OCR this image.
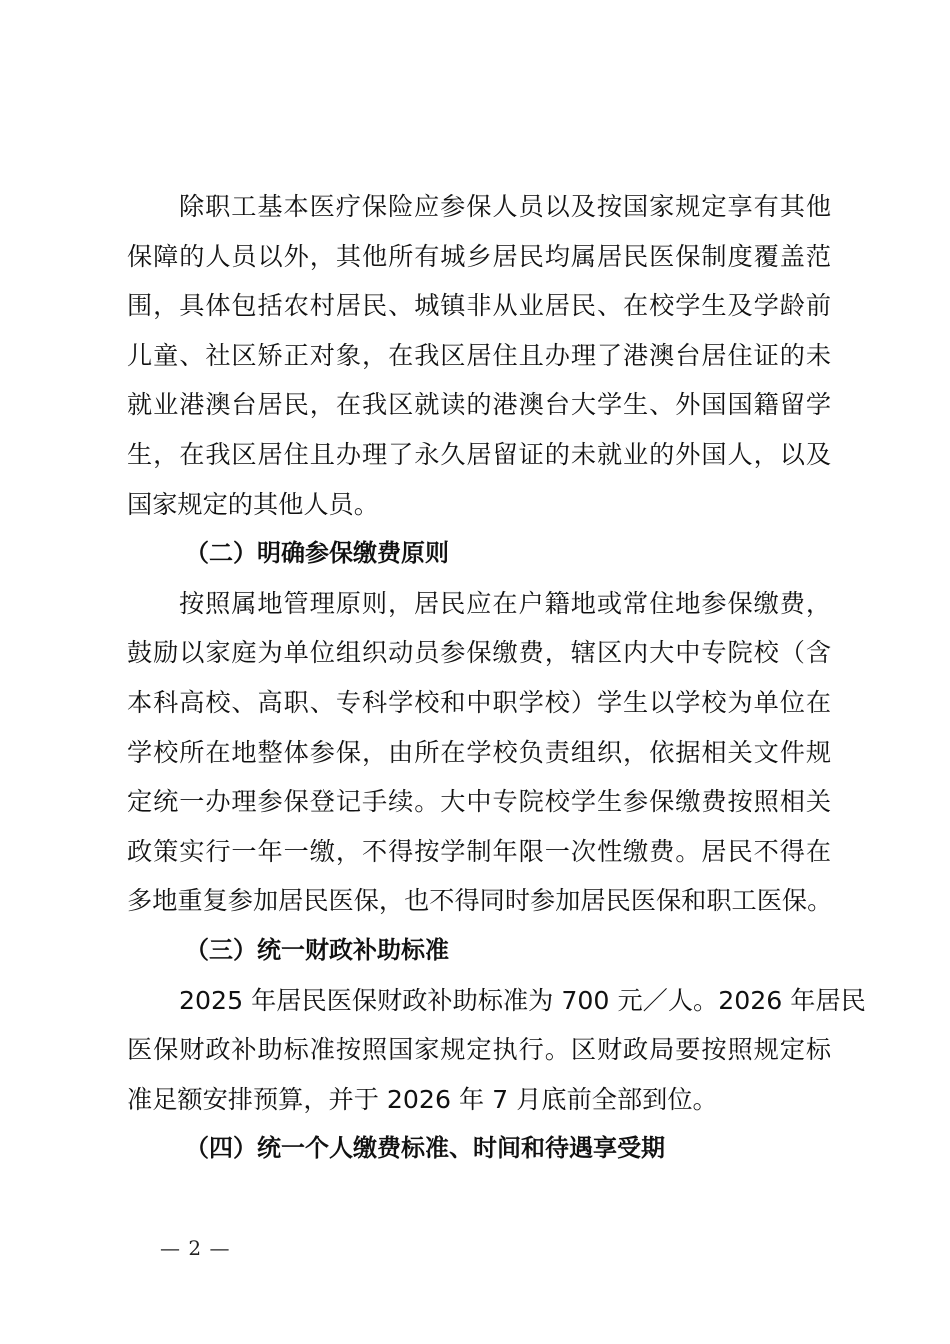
除职工基本医疗保险应参保人员以及按国家规定享有其他
保障的人员以外，其他所有城乡居民均属居民医保制度覆盖范
围，具体包括农村居民、城镇非从业居民、在校学生及学龄前
儿童、社区矫正对象，在我区居住且办理了港澳台居住证的未
就业港澳台居民，在我区就读的港澳台大学生、外国国籍留学
生，在我区居住且办理了永久居留证的未就业的外国人，以及
国家规定的其他人员。
（二）明确参保缴费原则
按照属地管理原则，居民应在户籍地或常住地参保缴费，
鼓励以家庭为单位组织动员参保缴费，辖区内大中专院校（含
本科高校、高职、专科学校和中职学校）学生以学校为单位在
学校所在地整体参保，由所在学校负责组织，依据相关文件规
定统一办理参保登记手续。大中专院校学生参保缴费按照相关
政策实行一年一缴，不得按学制年限一次性缴费。居民不得在
多地重复参加居民医保，也不得同时参加居民医保和职工医保。
（三）统一财政补助标准
2025 年居民医保财政补助标准为 700 元／人。2026 年居民
医保财政补助标准按照国家规定执行。区财政局要按照规定标
准足额安排预算，并于 2026 年 7 月底前全部到位。
（四）统一个人缴费标准、时间和待遇享受期
— 2 —
